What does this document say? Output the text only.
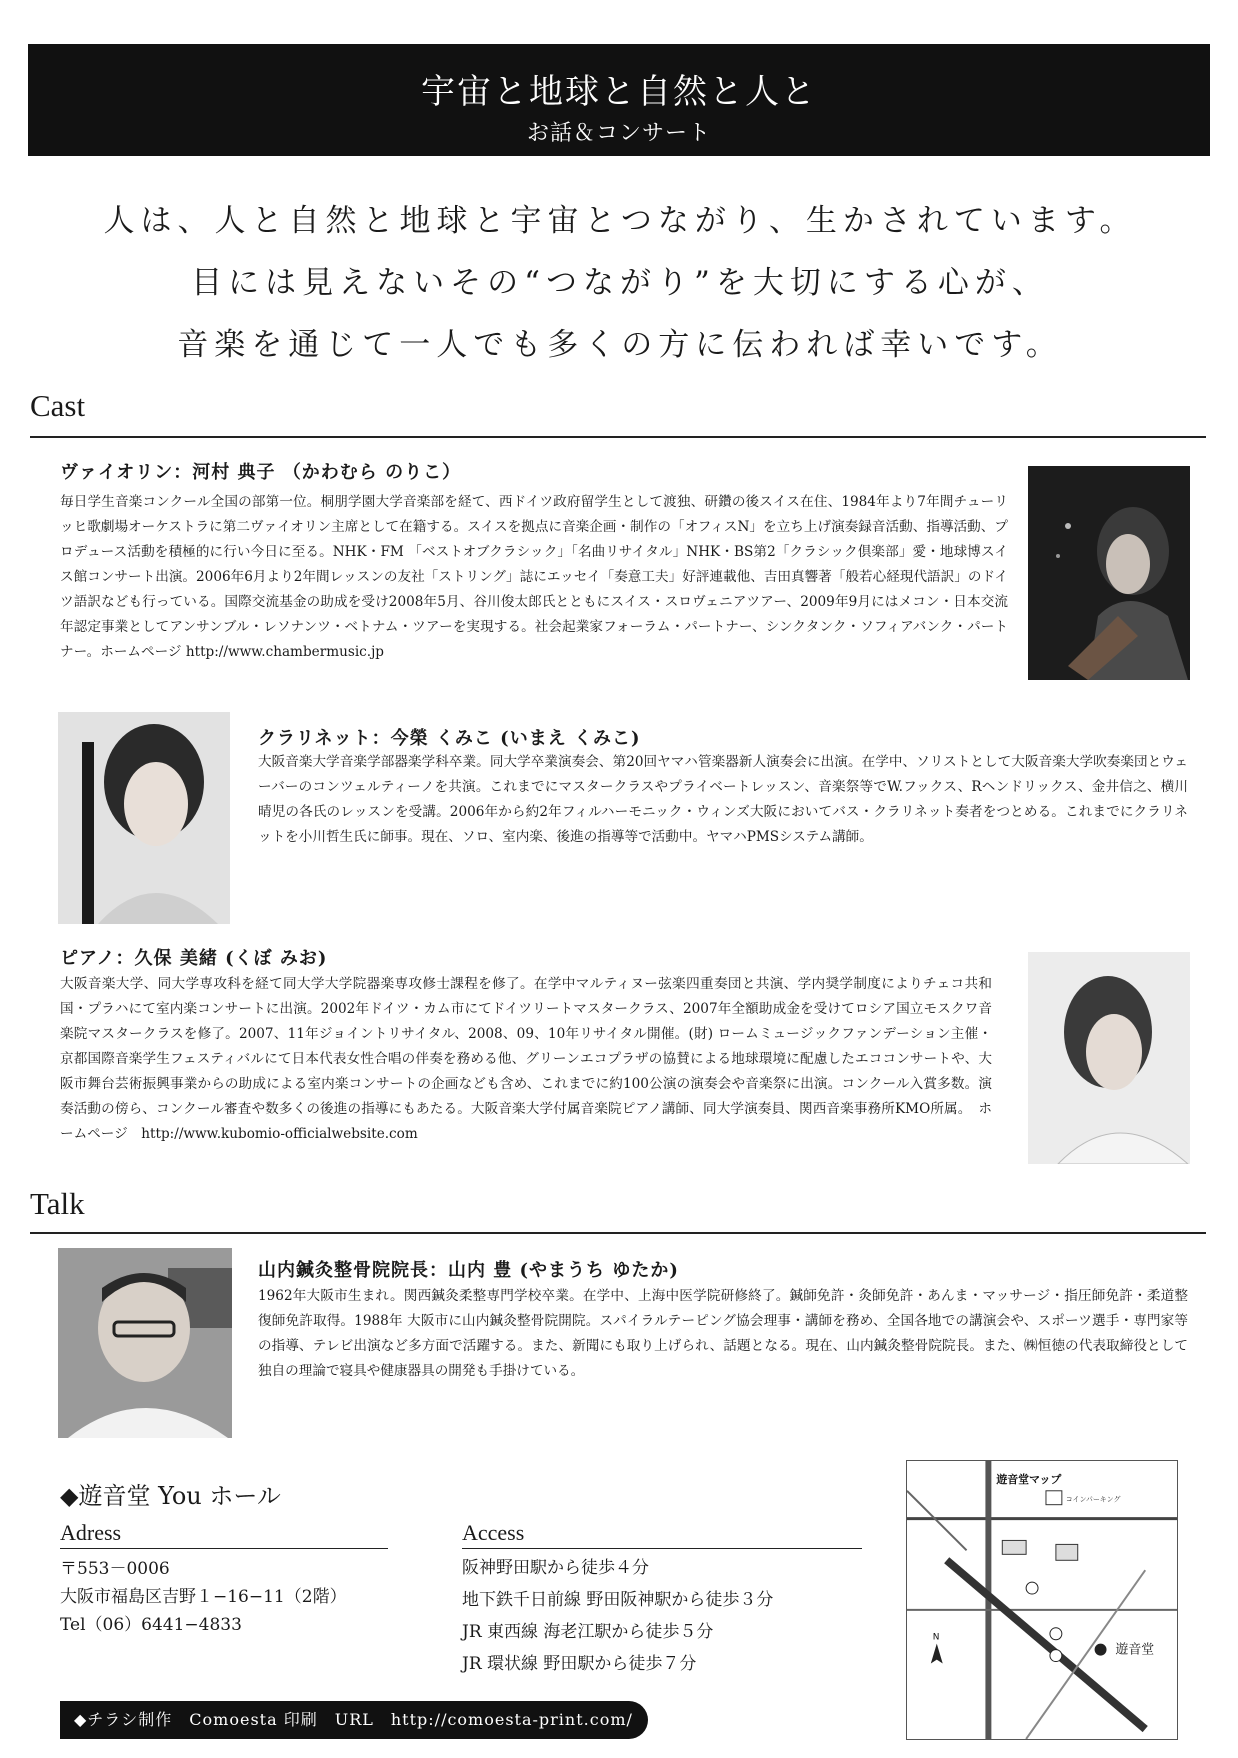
宇宙と地球と自然と人と
お話＆コンサート
人は、人と自然と地球と宇宙とつながり、生かされています。
目には見えないその“つながり”を大切にする心が、
音楽を通じて一人でも多くの方に伝われば幸いです。
Cast
ヴァイオリン：河村 典子 （かわむら のりこ）
毎日学生音楽コンクール全国の部第一位。桐朋学園大学音楽部を経て、西ドイツ政府留学生として渡独、研鑽の後スイス在住、1984年より7年間チューリッヒ歌劇場オーケストラに第二ヴァイオリン主席として在籍する。スイスを拠点に音楽企画・制作の「オフィスN」を立ち上げ演奏録音活動、指導活動、プロデュース活動を積極的に行い今日に至る。NHK・FM 「ベストオブクラシック」「名曲リサイタル」NHK・BS第2「クラシック倶楽部」愛・地球博スイス館コンサート出演。2006年6月より2年間レッスンの友社「ストリング」誌にエッセイ「奏意工夫」好評連載他、吉田真響著「般若心経現代語訳」のドイツ語訳なども行っている。国際交流基金の助成を受け2008年5月、谷川俊太郎氏とともにスイス・スロヴェニアツアー、2009年9月にはメコン・日本交流年認定事業としてアンサンブル・レソナンツ・ベトナム・ツアーを実現する。社会起業家フォーラム・パートナー、シンクタンク・ソフィアバンク・パートナー。ホームページ http://www.chambermusic.jp
クラリネット：今榮 くみこ (いまえ くみこ)
大阪音楽大学音楽学部器楽学科卒業。同大学卒業演奏会、第20回ヤマハ管楽器新人演奏会に出演。在学中、ソリストとして大阪音楽大学吹奏楽団とウェーバーのコンツェルティーノを共演。これまでにマスタークラスやプライベートレッスン、音楽祭等でW.フックス、Rヘンドリックス、金井信之、横川晴児の各氏のレッスンを受講。2006年から約2年フィルハーモニック・ウィンズ大阪においてバス・クラリネット奏者をつとめる。これまでにクラリネットを小川哲生氏に師事。現在、ソロ、室内楽、後進の指導等で活動中。ヤマハPMSシステム講師。
ピアノ：久保 美緒 (くぼ みお)
大阪音楽大学、同大学専攻科を経て同大学大学院器楽専攻修士課程を修了。在学中マルティヌー弦楽四重奏団と共演、学内奨学制度によりチェコ共和国・プラハにて室内楽コンサートに出演。2002年ドイツ・カム市にてドイツリートマスタークラス、2007年全額助成金を受けてロシア国立モスクワ音楽院マスタークラスを修了。2007、11年ジョイントリサイタル、2008、09、10年リサイタル開催。(財) ロームミュージックファンデーション主催・京都国際音楽学生フェスティバルにて日本代表女性合唱の伴奏を務める他、グリーンエコプラザの協賛による地球環境に配慮したエココンサートや、大阪市舞台芸術振興事業からの助成による室内楽コンサートの企画なども含め、これまでに約100公演の演奏会や音楽祭に出演。コンクール入賞多数。演奏活動の傍ら、コンクール審査や数多くの後進の指導にもあたる。大阪音楽大学付属音楽院ピアノ講師、同大学演奏員、関西音楽事務所KMO所属。　ホームページ　http://www.kubomio-officialwebsite.com
Talk
山内鍼灸整骨院院長：山内 豊 (やまうち ゆたか)
1962年大阪市生まれ。関西鍼灸柔整専門学校卒業。在学中、上海中医学院研修終了。鍼師免許・灸師免許・あんま・マッサージ・指圧師免許・柔道整復師免許取得。1988年 大阪市に山内鍼灸整骨院開院。スパイラルテーピング協会理事・講師を務め、全国各地での講演会や、スポーツ選手・専門家等の指導、テレビ出演など多方面で活躍する。また、新聞にも取り上げられ、話題となる。現在、山内鍼灸整骨院院長。また、㈱恒徳の代表取締役として独自の理論で寝具や健康器具の開発も手掛けている。
◆遊音堂 You ホール
Adress
〒553－0006
大阪市福島区吉野１−16−11（2階）
Tel（06）6441−4833
Access
阪神野田駅から徒歩４分
地下鉄千日前線 野田阪神駅から徒歩３分
JR 東西線 海老江駅から徒歩５分
JR 環状線 野田駅から徒歩７分
遊音堂マップ
コインパーキング
遊音堂
N
◆チラシ制作　Comoesta 印刷　URL　http://comoesta-print.com/
